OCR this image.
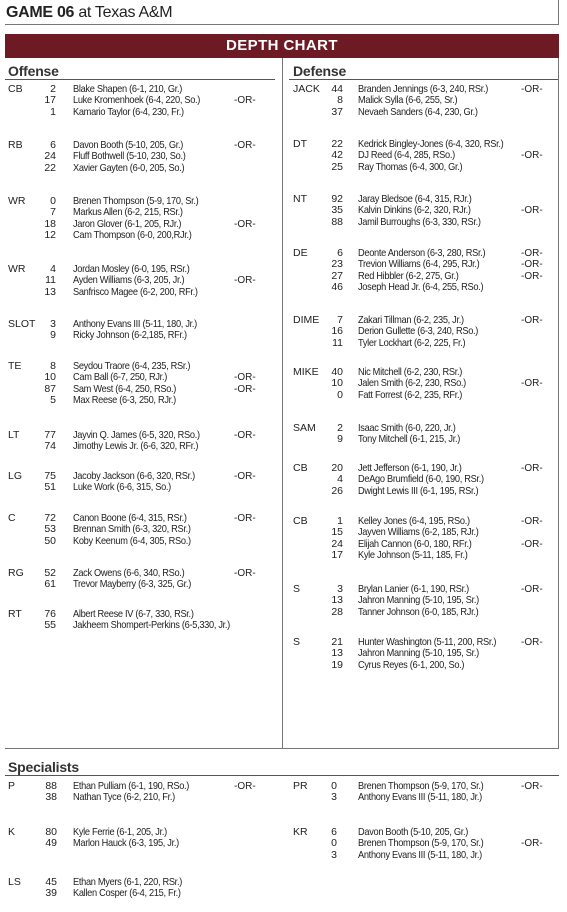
GAME 06 at Texas A&M
DEPTH CHART
Offense	Defense
Specialists
CB	2 Blake Shapen (6-1, 210, Gr.)
17 Luke Kromenhoek (6-4, 220, So.)	-OR-
1 Kamario Taylor (6-4, 230, Fr.)
RB	6 Davon Booth (5-10, 205, Gr.)	-OR-
24 Fluff Bothwell (5-10, 230, So.)
22 Xavier Gayten (6-0, 205, So.)
WR	0 Brenen Thompson (5-9, 170, Sr.)
7 Markus Allen (6-2, 215, RSr.)
18 Jaron Glover (6-1, 205, RJr.)	-OR-
12 Cam Thompson (6-0, 200,RJr.)
WR	4 Jordan Mosley (6-0, 195, RSr.)
11 Ayden Williams (6-3, 205, Jr.)	-OR-
13 Sanfrisco Magee (6-2, 200, RFr.)
SLOT	3 Anthony Evans III (5-11, 180, Jr.)
9 Ricky Johnson (6-2,185, RFr.)
TE	8 Seydou Traore (6-4, 235, RSr.)
10 Cam Ball (6-7, 250, RJr.)	-OR-
87 Sam West (6-4, 250, RSo.)	-OR-
5 Max Reese (6-3, 250, RJr.)
LT	77 Jayvin Q. James (6-5, 320, RSo.)	-OR-
74 Jimothy Lewis Jr. (6-6, 320, RFr.)
LG	75 Jacoby Jackson (6-6, 320, RSr.)	-OR-
51 Luke Work (6-6, 315, So.)
C	72 Canon Boone (6-4, 315, RSr.)	-OR-
53 Brennan Smith (6-3, 320, RSr.)
50 Koby Keenum (6-4, 305, RSo.)
RG	52 Zack Owens (6-6, 340, RSo.)	-OR-
61 Trevor Mayberry (6-3, 325, Gr.)
RT	76 Albert Reese IV (6-7, 330, RSr.)
55 Jakheem Shompert-Perkins (6-5,330, Jr.)
JACK	44 Branden Jennings (6-3, 240, RSr.)	-OR-
8 Malick Sylla (6-6, 255, Sr.)
37 Nevaeh Sanders (6-4, 230, Gr.)
DT	22 Kedrick Bingley-Jones (6-4, 320, RSr.)
42 DJ Reed (6-4, 285, RSo.)	-OR-
25 Ray Thomas (6-4, 300, Gr.)
NT	92 Jaray Bledsoe (6-4, 315, RJr.)
35 Kalvin Dinkins (6-2, 320, RJr.)	-OR-
88 Jamil Burroughs (6-3, 330, RSr.)
DE	6 Deonte Anderson (6-3, 280, RSr.)	-OR-
23 Trevion Williams (6-4, 295, RJr.)	-OR-
27 Red Hibbler (6-2, 275, Gr.)	-OR-
46 Joseph Head Jr. (6-4, 255, RSo.)
DIME	7 Zakari Tillman (6-2, 235, Jr.)	-OR-
16 Derion Gullette (6-3, 240, RSo.)
11 Tyler Lockhart (6-2, 225, Fr.)
MIKE	40 Nic Mitchell (6-2, 230, RSr.)
10 Jalen Smith (6-2, 230, RSo.)	-OR-
0 Fatt Forrest (6-2, 235, RFr.)
SAM	2 Isaac Smith (6-0, 220, Jr.)
9 Tony Mitchell (6-1, 215, Jr.)
CB	20 Jett Jefferson (6-1, 190, Jr.)	-OR-
4 DeAgo Brumfield (6-0, 190, RSr.)
26 Dwight Lewis III (6-1, 195, RSr.)
CB	1 Kelley Jones (6-4, 195, RSo.)	-OR-
15 Jayven Williams (6-2, 185, RJr.)
24 Elijah Cannon (6-0, 180, RFr.)	-OR-
17 Kyle Johnson (5-11, 185, Fr.)
S	3 Brylan Lanier (6-1, 190, RSr.)	-OR-
13 Jahron Manning (5-10, 195, Sr.)
28 Tanner Johnson (6-0, 185, RJr.)
S	21 Hunter Washington (5-11, 200, RSr.) -OR-
13 Jahron Manning (5-10, 195, Sr.)
19 Cyrus Reyes (6-1, 200, So.)
P	88 Ethan Pulliam (6-1, 190, RSo.)	-OR-
38 Nathan Tyce (6-2, 210, Fr.)
PR	0 Brenen Thompson (5-9, 170, Sr.)	-OR-
3 Anthony Evans III (5-11, 180, Jr.)
K	80 Kyle Ferrie (6-1, 205, Jr.)
49 Marlon Hauck (6-3, 195, Jr.)
KR	6 Davon Booth (5-10, 205, Gr.)
0 Brenen Thompson (5-9, 170, Sr.)	-OR-
3 Anthony Evans III (5-11, 180, Jr.)
LS	45 Ethan Myers (6-1, 220, RSr.)
39 Kallen Cosper (6-4, 215, Fr.)
